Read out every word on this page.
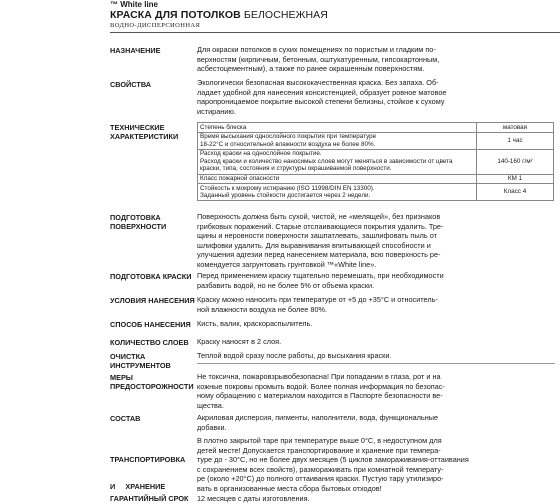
™ White line
КРАСКА ДЛЯ ПОТОЛКОВ БЕЛОСНЕЖНАЯ
ВОДНО-ДИСПЕРСИОННАЯ
НАЗНАЧЕНИЕ	Для окраски потолков в сухих помещениях по пористым и гладким по-
верхностям (кирпичным, бетонным, оштукатуренным, гипсокартонным,
асбестоцементным), а также по ранее окрашенным поверхностям.
СВОЙСТВА	Экологически безопасная высококачественная краска. Без запаха. Об-
ладает удобной для нанесения консистенцией, образует ровное матовое
паропроницаемое покрытие высокой степени белизны, стойкое к сухому
истиранию.
ТЕХНИЧЕСКИЕ
ХАРАКТЕРИСТИКИ
Степень блеска	матовая

Время высыхания однослойного покрытия при температуре
18-22°С и относительной влажности воздуха не более 80%.	1 час

Расход краски на однослойное покрытие.
Расход краски и количество наносимых слоев могут меняться в зависимости от цвета краски, типа, состояния и структуры окрашиваемой поверхности.	140-160 г/м²
Класс пожарной опасности	КМ 1

Стойкость к мокрому истиранию (ISO 11998/DIN EN 13300).
Заданный уровень стойкости достигается через 2 недели.	Класс 4
ПОДГОТОВКА
ПОВЕРХНОСТИ
Поверхность должна быть сухой, чистой, не «мелящей», без признаков
грибковых поражений. Старые отслаивающиеся покрытия удалить. Тре-
щины и неровности поверхности зашпатлевать, зашлифовать пыль от
шлифовки удалить. Для выравнивания впитывающей способности и
улучшения адгезии перед нанесением материала, всю поверхность ре-
комендуется загрунтовать грунтовкой ™«White line».
ПОДГОТОВКА КРАСКИ Перед применением краску тщательно перемешать, при необходимости
разбавить водой, но не более 5% от объема краски.
УСЛОВИЯ НАНЕСЕНИЯ Краску можно наносить при температуре от +5 до +35°С и относитель-
ной влажности воздуха не более 80%.
СПОСОБ НАНЕСЕНИЯ Кисть, валик, краскораспылитель.
КОЛИЧЕСТВО СЛОЕВ	Краску наносят в 2 слоя.
ОЧИСТКА
ИНСТРУМЕНТОВ
Теплой водой сразу после работы, до высыхания краски.
МЕРЫ
ПРЕДОСТОРОЖНОСТИ
Не токсична, пожаровзрывобезопасна! При попадании в глаза, рот и на
кожные покровы промыть водой. Более полная информация по безопас-
ному обращению с материалом находится в Паспорте безопасности ве-
щества.
СОСТАВ	Акриловая дисперсия, пигменты, наполнители, вода, функциональные
добавки.

ТРАНСПОРТИРОВКА

И     ХРАНЕНИЕ

В плотно закрытой таре при температуре выше 0°С, в недоступном для
детей месте! Допускается транспортирование и хранение при темпера-
туре до - 30°С, но не более двух месяцев (5 циклов замораживания-оттаивания
с сохранением всех свойств), размораживать при комнатной температу-
ре (около +20°С) до полного оттаивания краски. Пустую тару утилизиро-
вать в организованные места сбора бытовых отходов!
ГАРАНТИЙНЫЙ СРОК	12 месяцев с даты изготовления.
